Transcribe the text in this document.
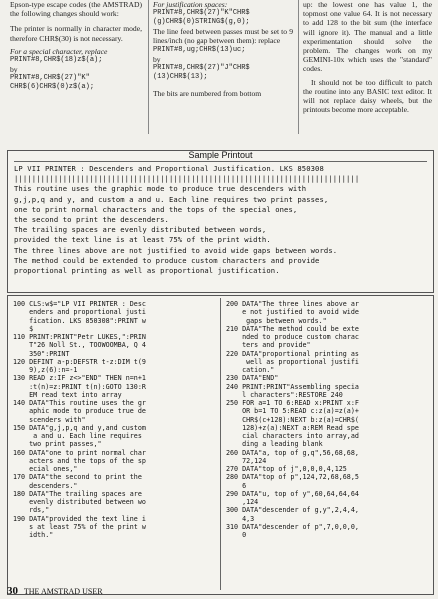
Epson-type escape codes (the AMSTRAD) the following changes should work:

The printer is normally in character mode, therefore CHR$(30) is not necessary.

For a special character, replace

PRINT#8,CHR$(18)z$(a);
by
PRINT#8,CHR$(27)"K"
CHR$(6)CHR$(0)z$(a);
For justification spaces:
PRINT#8,CHR$(27)"K"CHR$
(g)CHR$(0)STRING$(g,0);

The line feed between passes must be set to 9 lines/inch (no gap between them): replace

PRINT#8,ug;CHR$(13)uc;
by
PRINT#8,CHR$(27)"J"CHR$
(13)CHR$(13);

The bits are numbered from bottom

up: the lowest one has value 1, the topmost one value 64. It is not necessary to add 128 to the bit sum (the interface will ignore it). The manual and a little experimentation should solve the problem. The changes work on my GEMINI-10x which uses the "standard" codes.

It should not be too difficult to patch the routine into any BASIC text editor. It will not replace daisy wheels, but the printouts become more acceptable.

Sample Printout
LP VII PRINTER : Descenders and Proportional Justification. LKS 850308
||||||||||||||||||||||||||||||||||||||||||||||||||||||||||||||||||||||||||||||
This routine uses the graphic mode to produce true descenders with
g,j,p,q and y, and custom a and u. Each line requires two print passes,
one to print normal characters and the tops of the special ones,
the second to print the descenders.
The trailing spaces are evenly distributed between words,
provided the text line is at least 75% of the print width.
The three lines above are not justified to avoid wide gaps between words.
The method could be extended to produce custom characters and provide
proportional printing as well as proportional justification.
100 CLS:w$="LP VII PRINTER : Desc
enders and proportional justi
fication. LKS 850308":PRINT w
$
110 PRINT:PRINT"Petr LUKES,":PRIN
T"26 Noll St., TOOWOOMBA, Q 4
350":PRINT
120 DEFINT a-p:DEFSTR t-z:DIM t(9
9),z(6):n=-1
130 READ z:IF z<>"END" THEN n=n+1
:t(n)=z:PRINT t(n):GOTO 130:R
EM read text into array
140 DATA"This routine uses the gr
aphic mode to produce true de
scenders with"
150 DATA"g,j,p,q and y,and custom
a and u. Each line requires
two print passes,"
160 DATA"one to print normal char
acters and the tops of the sp
ecial ones,"
170 DATA"the second to print the
descenders."
180 DATA"The trailing spaces are
evenly distributed between wo
rds,"
190 DATA"provided the text line i
s at least 75% of the print w
idth."
200 DATA"The three lines above ar
e not justified to avoid wide
gaps between words."
210 DATA"The method could be exte
nded to produce custom charac
ters and provide"
220 DATA"proportional printing as
well as proportional justifi
cation."
230 DATA"END"
240 PRINT:PRINT"Assembling specia
l characters":RESTORE 240
250 FOR a=1 TO 6:READ x:PRINT x:F
OR b=1 TO 5:READ c:z(a)=z(a)+
CHR$(c+128):NEXT b:z(a)=CHR$(
128)+z(a):NEXT a:REM Read spe
cial characters into array,ad
ding a leading blank
260 DATA"a, top of g,q",56,68,68,
72,124
270 DATA"top of j",0,0,0,4,125
280 DATA"top of p",124,72,68,68,5
6
290 DATA"u, top of y",60,64,64,64
,124
300 DATA"descender of g,y",2,4,4,
4,3
310 DATA"descender of p",7,0,0,0,
0
30 THE AMSTRAD USER
